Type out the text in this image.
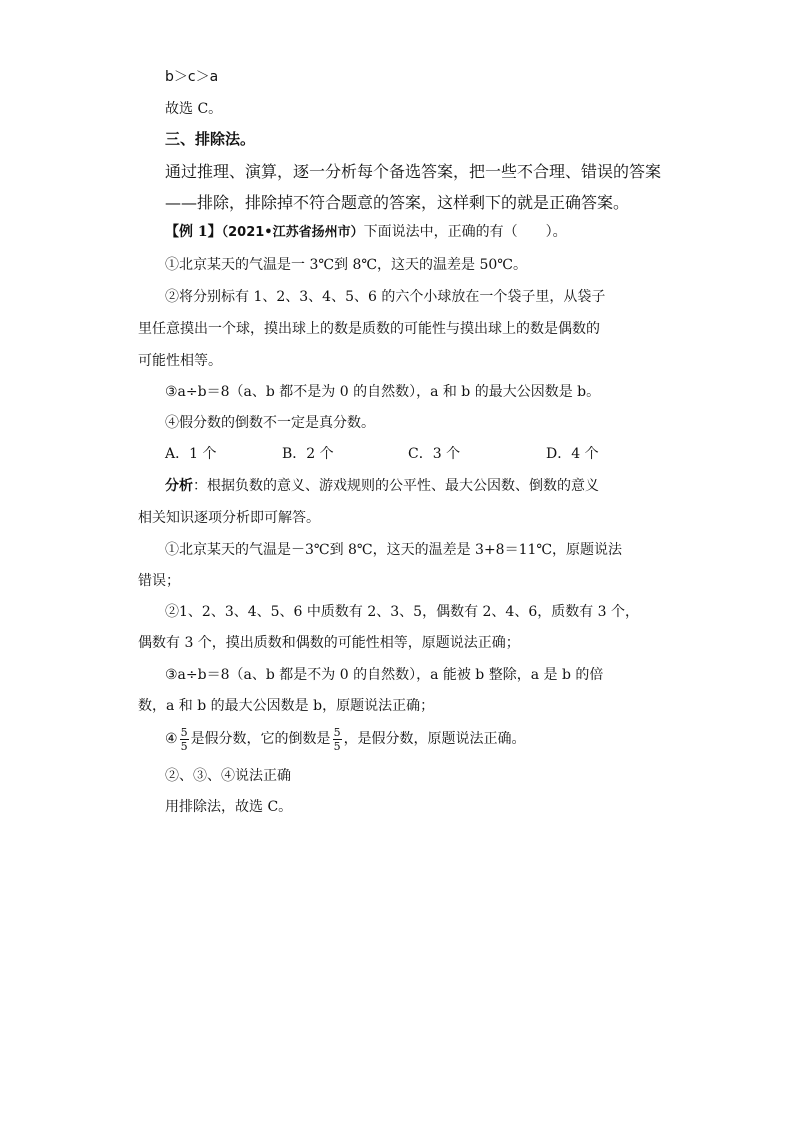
b＞c＞a
故选 C。
三、排除法。
通过推理、演算，逐一分析每个备选答案，把一些不合理、错误的答案
——排除，排除掉不符合题意的答案，这样剩下的就是正确答案。
【例 1】（2021•江苏省扬州市）下面说法中，正确的有（　　）。
①北京某天的气温是一 3℃到 8℃，这天的温差是 50℃。
②将分别标有 1、2、3、4、5、6 的六个小球放在一个袋子里，从袋子
里任意摸出一个球，摸出球上的数是质数的可能性与摸出球上的数是偶数的
可能性相等。
③a÷b＝8（a、b 都不是为 0 的自然数），a 和 b 的最大公因数是 b。
④假分数的倒数不一定是真分数。
A．1 个	B．2 个	C．3 个	D．4 个
分析：根据负数的意义、游戏规则的公平性、最大公因数、倒数的意义
相关知识逐项分析即可解答。
①北京某天的气温是－3℃到 8℃，这天的温差是 3+8＝11℃，原题说法
错误；
②1、2、3、4、5、6 中质数有 2、3、5，偶数有 2、4、6，质数有 3 个，
偶数有 3 个，摸出质数和偶数的可能性相等，原题说法正确；
③a÷b＝8（a、b 都是不为 0 的自然数），a 能被 b 整除，a 是 b 的倍
数，a 和 b 的最大公因数是 b，原题说法正确；
④ $\frac{5}{5}$ 是假分数，它的倒数是 $\frac{5}{5}$ ，是假分数，原题说法正确。
②、③、④说法正确
用排除法，故选 C。
